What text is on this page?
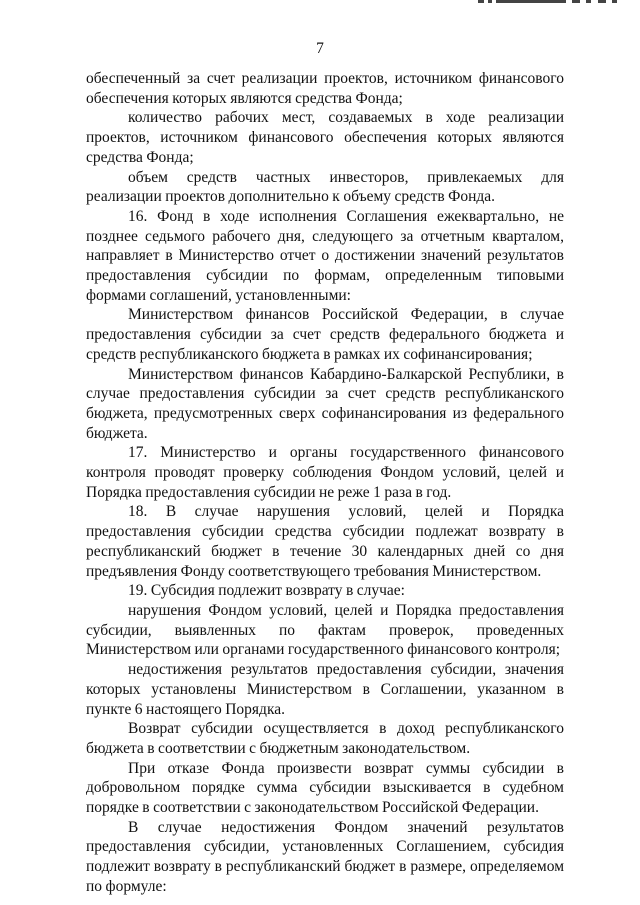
7

обеспеченный за счет реализации проектов, источником финансового обеспечения которых являются средства Фонда;

количество рабочих мест, создаваемых в ходе реализации проектов, источником финансового обеспечения которых являются средства Фонда;

объем средств частных инвесторов, привлекаемых для реализации проектов дополнительно к объему средств Фонда.

16. Фонд в ходе исполнения Соглашения ежеквартально, не позднее седьмого рабочего дня, следующего за отчетным кварталом, направляет в Министерство отчет о достижении значений результатов предоставления субсидии по формам, определенным типовыми формами соглашений, установленными:

Министерством финансов Российской Федерации, в случае предоставления субсидии за счет средств федерального бюджета и средств республиканского бюджета в рамках их софинансирования;

Министерством финансов Кабардино-Балкарской Республики, в случае предоставления субсидии за счет средств республиканского бюджета, предусмотренных сверх софинансирования из федерального бюджета.

17. Министерство и органы государственного финансового контроля проводят проверку соблюдения Фондом условий, целей и Порядка предоставления субсидии не реже 1 раза в год.

18. В случае нарушения условий, целей и Порядка предоставления субсидии средства субсидии подлежат возврату в республиканский бюджет в течение 30 календарных дней со дня предъявления Фонду соответствующего требования Министерством.

19. Субсидия подлежит возврату в случае:

нарушения Фондом условий, целей и Порядка предоставления субсидии, выявленных по фактам проверок, проведенных Министерством или органами государственного финансового контроля;

недостижения результатов предоставления субсидии, значения которых установлены Министерством в Соглашении, указанном в пункте 6 настоящего Порядка.

Возврат субсидии осуществляется в доход республиканского бюджета в соответствии с бюджетным законодательством.

При отказе Фонда произвести возврат суммы субсидии в добровольном порядке сумма субсидии взыскивается в судебном порядке в соответствии с законодательством Российской Федерации.

В случае недостижения Фондом значений результатов предоставления субсидии, установленных Соглашением, субсидия подлежит возврату в республиканский бюджет в размере, определяемом по формуле:
